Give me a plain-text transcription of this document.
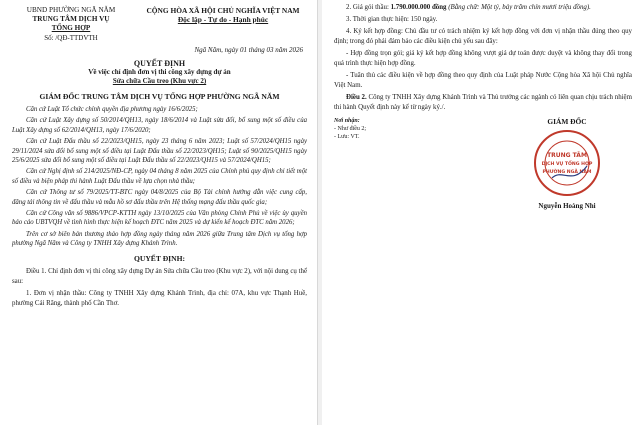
UBND PHƯỜNG NGÃ NĂM

TRUNG TÂM DỊCH VỤ
TỔNG HỢP
Số: /QĐ-TTDVTH
CỘNG HÒA XÃ HỘI CHỦ NGHĨA VIỆT NAM
Độc lập - Tự do - Hạnh phúc
Ngã Năm, ngày 01 tháng 03 năm 2026
QUYẾT ĐỊNH
Về việc chỉ định đơn vị thi công xây dựng dự án
Sửa chữa Cầu treo (Khu vực 2)
GIÁM ĐỐC TRUNG TÂM DỊCH VỤ TỔNG HỢP PHƯỜNG NGÃ NĂM

Căn cứ Luật Tổ chức chính quyền địa phương ngày 16/6/2025;

Căn cứ Luật Xây dựng số 50/2014/QH13, ngày 18/6/2014 và Luật sửa đổi, bổ sung một số điều của Luật Xây dựng số 62/2014/QH13, ngày 17/6/2020;

Căn cứ Luật Đấu thầu số 22/2023/QH15, ngày 23 tháng 6 năm 2023; Luật số 57/2024/QH15 ngày 29/11/2024 sửa đổi bổ sung một số điều tại Luật Đấu thầu số 22/2023/QH15; Luật số 90/2025/QH15 ngày 25/6/2025 sửa đổi bổ sung một số điều tại Luật Đấu thầu số 22/2023/QH15 và 57/2024/QH15;

Căn cứ Nghị định số 214/2025/NĐ-CP, ngày 04 tháng 8 năm 2025 của Chính phủ quy định chi tiết một số điều và biện pháp thi hành Luật Đấu thầu về lựa chọn nhà thầu;

Căn cứ Thông tư số 79/2025/TT-BTC ngày 04/8/2025 của Bộ Tài chính hướng dẫn việc cung cấp, đăng tải thông tin về đấu thầu và mẫu hồ sơ đấu thầu trên Hệ thống mạng đấu thầu quốc gia;

Căn cứ Công văn số 9886/VPCP-KTTH ngày 13/10/2025 của Văn phòng Chính Phủ về việc ủy quyền báo cáo UBTVQH về tình hình thực hiện kế hoạch ĐTC năm 2025 và dự kiến kế hoạch ĐTC năm 2026;

Trên cơ sở biên bản thương thảo hợp đồng ngày tháng năm 2026 giữa Trung tâm Dịch vụ tổng hợp phường Ngã Năm và Công ty TNHH Xây dựng Khánh Trình.

QUYẾT ĐỊNH:

Điều 1. Chỉ định đơn vị thi công xây dựng Dự án Sửa chữa Cầu treo (Khu vực 2), với nội dung cụ thể sau:

1. Đơn vị nhận thầu: Công ty TNHH Xây dựng Khánh Trình, địa chỉ: 07A, khu vực Thạnh Huề, phường Cái Răng, thành phố Cần Thơ.

2. Giá gói thầu: 1.790.000.000 đồng (Bằng chữ: Một tỷ, bảy trăm chín mươi triệu đồng).

3. Thời gian thực hiện: 150 ngày.

4. Ký kết hợp đồng: Chủ đầu tư có trách nhiệm ký kết hợp đồng với đơn vị nhận thầu đúng theo quy định; trong đó phải đảm bảo các điều kiện chủ yếu sau đây:

- Hợp đồng trọn gói; giá ký kết hợp đồng không vượt giá dự toán được duyệt và không thay đổi trong quá trình thực hiện hợp đồng.

- Tuân thủ các điều kiện về hợp đồng theo quy định của Luật pháp Nước Cộng hòa Xã hội Chủ nghĩa Việt Nam.

Điều 2. Công ty TNHH Xây dựng Khánh Trình và Thủ trưởng các ngành có liên quan chịu trách nhiệm thi hành Quyết định này kể từ ngày ký./.

Nơi nhận:
- Như điều 2;
- Lưu: VT.
GIÁM ĐỐC
TRUNG TÂM
DỊCH VỤ TỔNG HỢP
PHƯỜNG NGÃ NĂM
Nguyễn Hoàng Nhi
